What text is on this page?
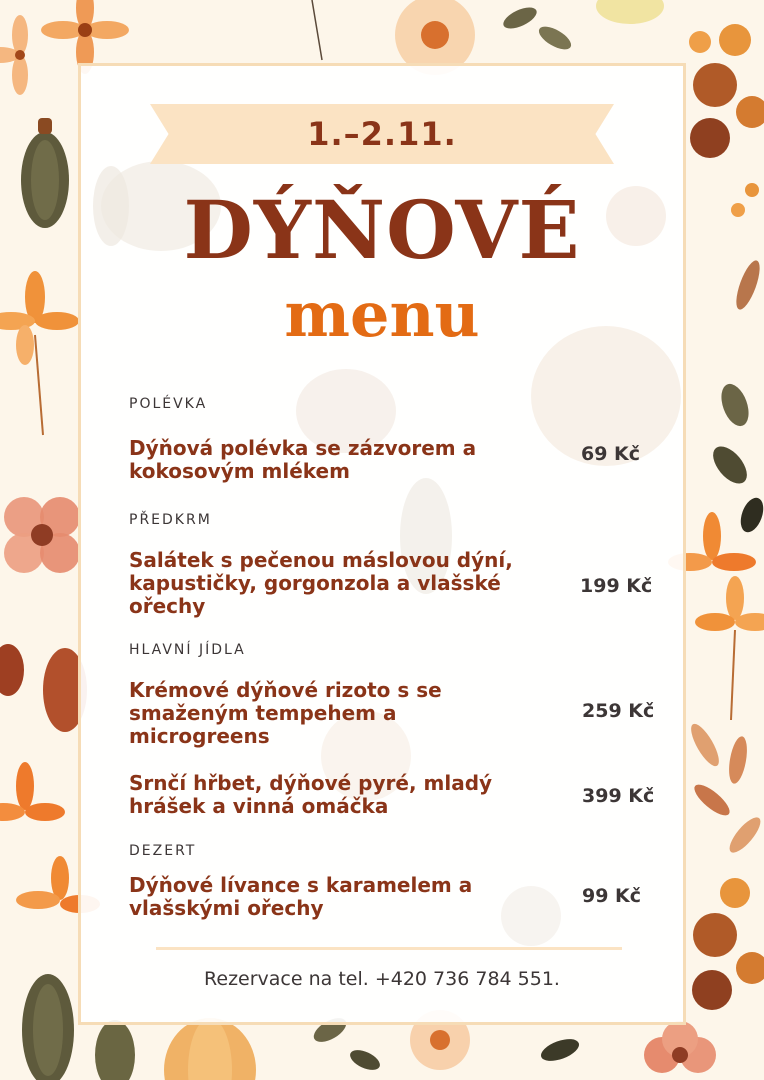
1.–2.11.
DÝŇOVÉ
menu
POLÉVKA
Dýňová polévka se zázvorem a
kokosovým mlékem
69 Kč
PŘEDKRM
Salátek s pečenou máslovou dýní,
kapustičky, gorgonzola a vlašské
ořechy
199 Kč
HLAVNÍ JÍDLA
Krémové dýňové rizoto s se
smaženým tempehem a
microgreens
259 Kč
Srnčí hřbet, dýňové pyré, mladý
hrášek a vinná omáčka	399 Kč
DEZERT
Dýňové lívance s karamelem a
vlašskými ořechy	99 Kč
Rezervace na tel. +420 736 784 551.
